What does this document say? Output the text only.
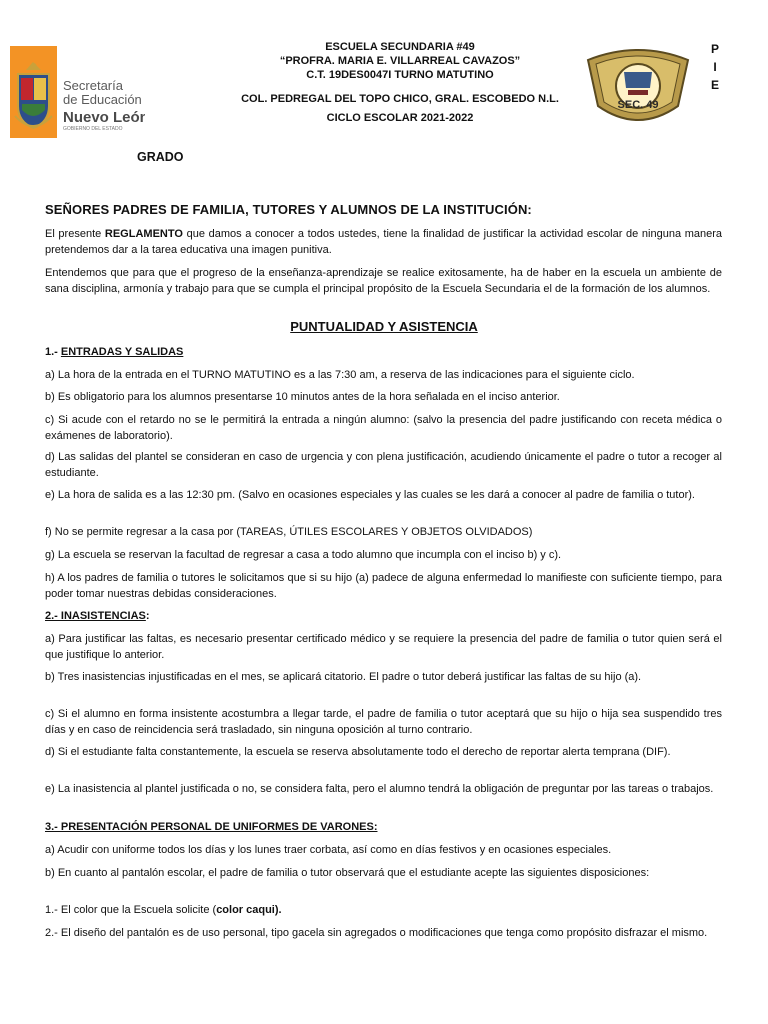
Secretaría
de Educación
Nuevo León
GOBIERNO DEL ESTADO
ESCUELA SECUNDARIA #49
“PROFRA. MARIA E. VILLARREAL CAVAZOS”
C.T. 19DES0047I TURNO MATUTINO
COL. PEDREGAL DEL TOPO CHICO, GRAL. ESCOBEDO N.L.
CICLO ESCOLAR 2021-2022
SEC. 49
P
I
E
GRADO
SEÑORES PADRES DE FAMILIA, TUTORES Y ALUMNOS DE LA INSTITUCIÓN:
El presente REGLAMENTO que damos a conocer a todos ustedes, tiene la finalidad de justificar la actividad escolar de ninguna manera pretendemos dar a la tarea educativa una imagen punitiva.
Entendemos que para que el progreso de la enseñanza-aprendizaje se realice exitosamente, ha de haber en la escuela un ambiente de sana disciplina, armonía y trabajo para que se cumpla el principal propósito de la Escuela Secundaria el de la formación de los alumnos.
PUNTUALIDAD Y ASISTENCIA
1.- ENTRADAS Y SALIDAS
a) La hora de la entrada en el TURNO MATUTINO es a las 7:30 am, a reserva de las indicaciones para el siguiente ciclo.
b) Es obligatorio para los alumnos presentarse 10 minutos antes de la hora señalada en el inciso anterior.
c) Si acude con el retardo no se le permitirá la entrada a ningún alumno: (salvo la presencia del padre justificando con receta médica o exámenes de laboratorio).
d) Las salidas del plantel se consideran en caso de urgencia y con plena justificación, acudiendo únicamente el padre o tutor a recoger al estudiante.
e) La hora de salida es a las 12:30 pm. (Salvo en ocasiones especiales y las cuales se les dará a conocer al padre de familia o tutor).
f) No se permite regresar a la casa por (TAREAS, ÚTILES ESCOLARES Y OBJETOS OLVIDADOS)
g) La escuela se reservan la facultad de regresar a casa a todo alumno que incumpla con el inciso b) y c).
h) A los padres de familia o tutores le solicitamos que si su hijo (a) padece de alguna enfermedad lo manifieste con suficiente tiempo, para poder tomar nuestras debidas consideraciones.
2.- INASISTENCIAS:
a) Para justificar las faltas, es necesario presentar certificado médico y se requiere la presencia del padre de familia o tutor quien será el que justifique lo anterior.
b) Tres inasistencias injustificadas en el mes, se aplicará citatorio. El padre o tutor deberá justificar las faltas de su hijo (a).
c) Si el alumno en forma insistente acostumbra a llegar tarde, el padre de familia o tutor aceptará que su hijo o hija sea suspendido tres días y en caso de reincidencia será trasladado, sin ninguna oposición al turno contrario.
d) Si el estudiante falta constantemente, la escuela se reserva absolutamente todo el derecho de reportar alerta temprana (DIF).
e) La inasistencia al plantel justificada o no, se considera falta, pero el alumno tendrá la obligación de preguntar por las tareas o trabajos.
3.- PRESENTACIÓN PERSONAL DE UNIFORMES DE VARONES:
a) Acudir con uniforme todos los días y los lunes traer corbata, así como en días festivos y en ocasiones especiales.
b) En cuanto al pantalón escolar, el padre de familia o tutor observará que el estudiante acepte las siguientes disposiciones:
1.- El color que la Escuela solicite (color caqui).
2.- El diseño del pantalón es de uso personal, tipo gacela sin agregados o modificaciones que tenga como propósito disfrazar el mismo.
